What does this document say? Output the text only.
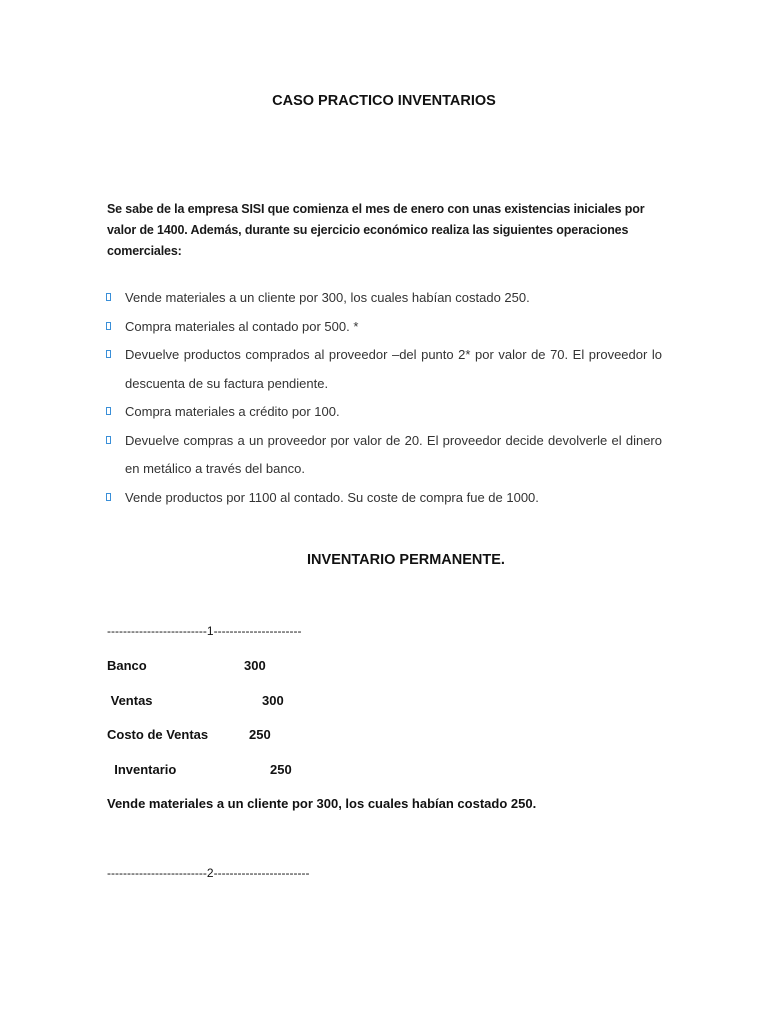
CASO PRACTICO INVENTARIOS
Se sabe de la empresa SISI que comienza el mes de enero con unas existencias iniciales por valor de 1400. Además, durante su ejercicio económico realiza las siguientes operaciones comerciales:
Vende materiales a un cliente por 300, los cuales habían costado 250.
Compra materiales al contado por 500. *
Devuelve productos comprados al proveedor –del punto 2* por valor de 70. El proveedor lo descuenta de su factura pendiente.
Compra materiales a crédito por 100.
Devuelve compras a un proveedor por valor de 20. El proveedor decide devolverle el dinero en metálico a través del banco.
Vende productos por 1100 al contado. Su coste de compra fue de 1000.
INVENTARIO PERMANENTE.
-------------------------1----------------------
Banco	300
Ventas	300
Costo de Ventas	250
Inventario	250
Vende materiales a un cliente por 300, los cuales habían costado 250.
-------------------------2------------------------
